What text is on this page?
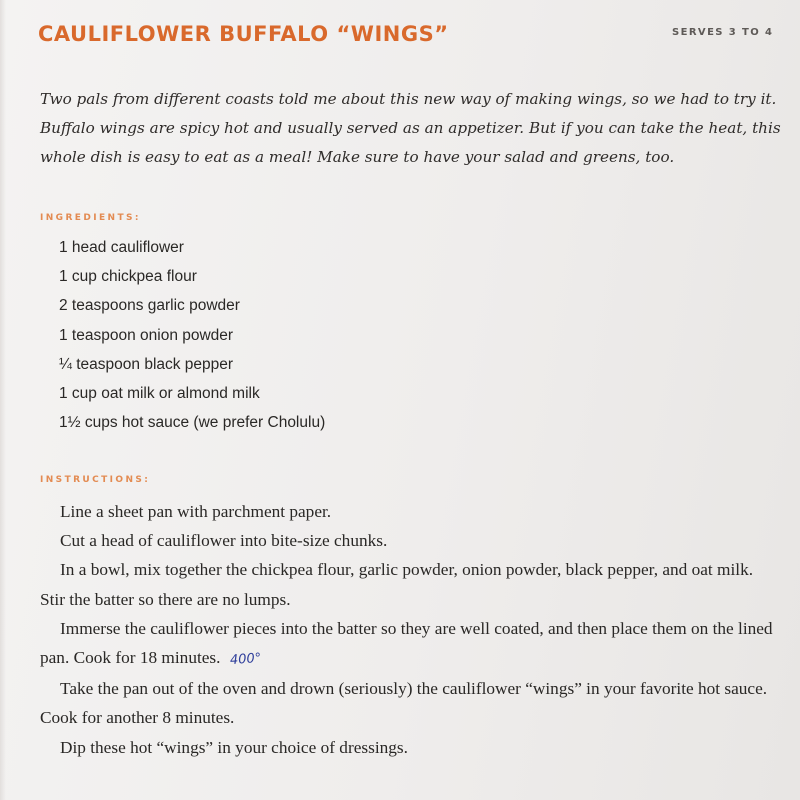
CAULIFLOWER BUFFALO “WINGS”	SERVES 3 TO 4

Two pals from different coasts told me about this new way of making wings, so we had to try it. Buffalo wings are spicy hot and usually served as an appetizer. But if you can take the heat, this whole dish is easy to eat as a meal! Make sure to have your salad and greens, too.

INGREDIENTS:
1 head cauliflower
1 cup chickpea flour
2 teaspoons garlic powder
1 teaspoon onion powder
¼ teaspoon black pepper
1 cup oat milk or almond milk
1½ cups hot sauce (we prefer Cholulu)
INSTRUCTIONS:
Line a sheet pan with parchment paper.
Cut a head of cauliflower into bite-size chunks.
In a bowl, mix together the chickpea flour, garlic powder, onion powder, black pepper, and oat milk. Stir the batter so there are no lumps.
Immerse the cauliflower pieces into the batter so they are well coated, and then place them on the lined pan. Cook for 18 minutes. 400°
Take the pan out of the oven and drown (seriously) the cauliflower “wings” in your favorite hot sauce. Cook for another 8 minutes.
Dip these hot “wings” in your choice of dressings.
